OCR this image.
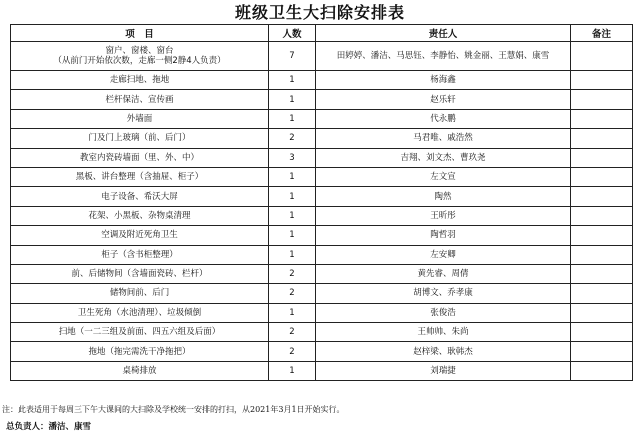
班级卫生大扫除安排表
项　目	人数	责任人	备注

窗户、窗楼、窗台
（从前门开始依次数，走廊一侧2静4人负责）	7	田婷婷、潘洁、马思钰、李静怡、姚金丽、王慧娟、康雪	

走廊扫地、拖地	1	杨海鑫	

栏杆保洁、宣传画	1	赵乐轩	

外墙面	1	代永鹏	

门及门上玻璃（前、后门）	2	马君唯、戚浩然	

教室内瓷砖墙面（里、外、中）	3	吉翔、刘文杰、曹玖尧	

黑板、讲台整理（含抽屉、柜子）	1	左文宣	

电子设备、希沃大屏	1	陶然	

花架、小黑板、杂物桌清理	1	王昕彤	

空调及附近死角卫生	1	陶哲羽	

柜子（含书柜整理）	1	左安卿	

前、后储物间（含墙面瓷砖、栏杆）	2	黄先睿、周倩	

储物间前、后门	2	胡博文、乔孝康	

卫生死角（水池清理）、垃圾倾倒	1	张俊浩	

扫地（一二三组及前面、四五六组及后面）	2	王帅帅、朱尚	

拖地（拖完需洗干净拖把）	2	赵梓梁、耿韩杰	

桌椅排放	1	刘瑞捷	
注：此表适用于每周三下午大课间的大扫除及学校统一安排的打扫，从2021年3月1日开始实行。
总负责人：潘洁、康雪
